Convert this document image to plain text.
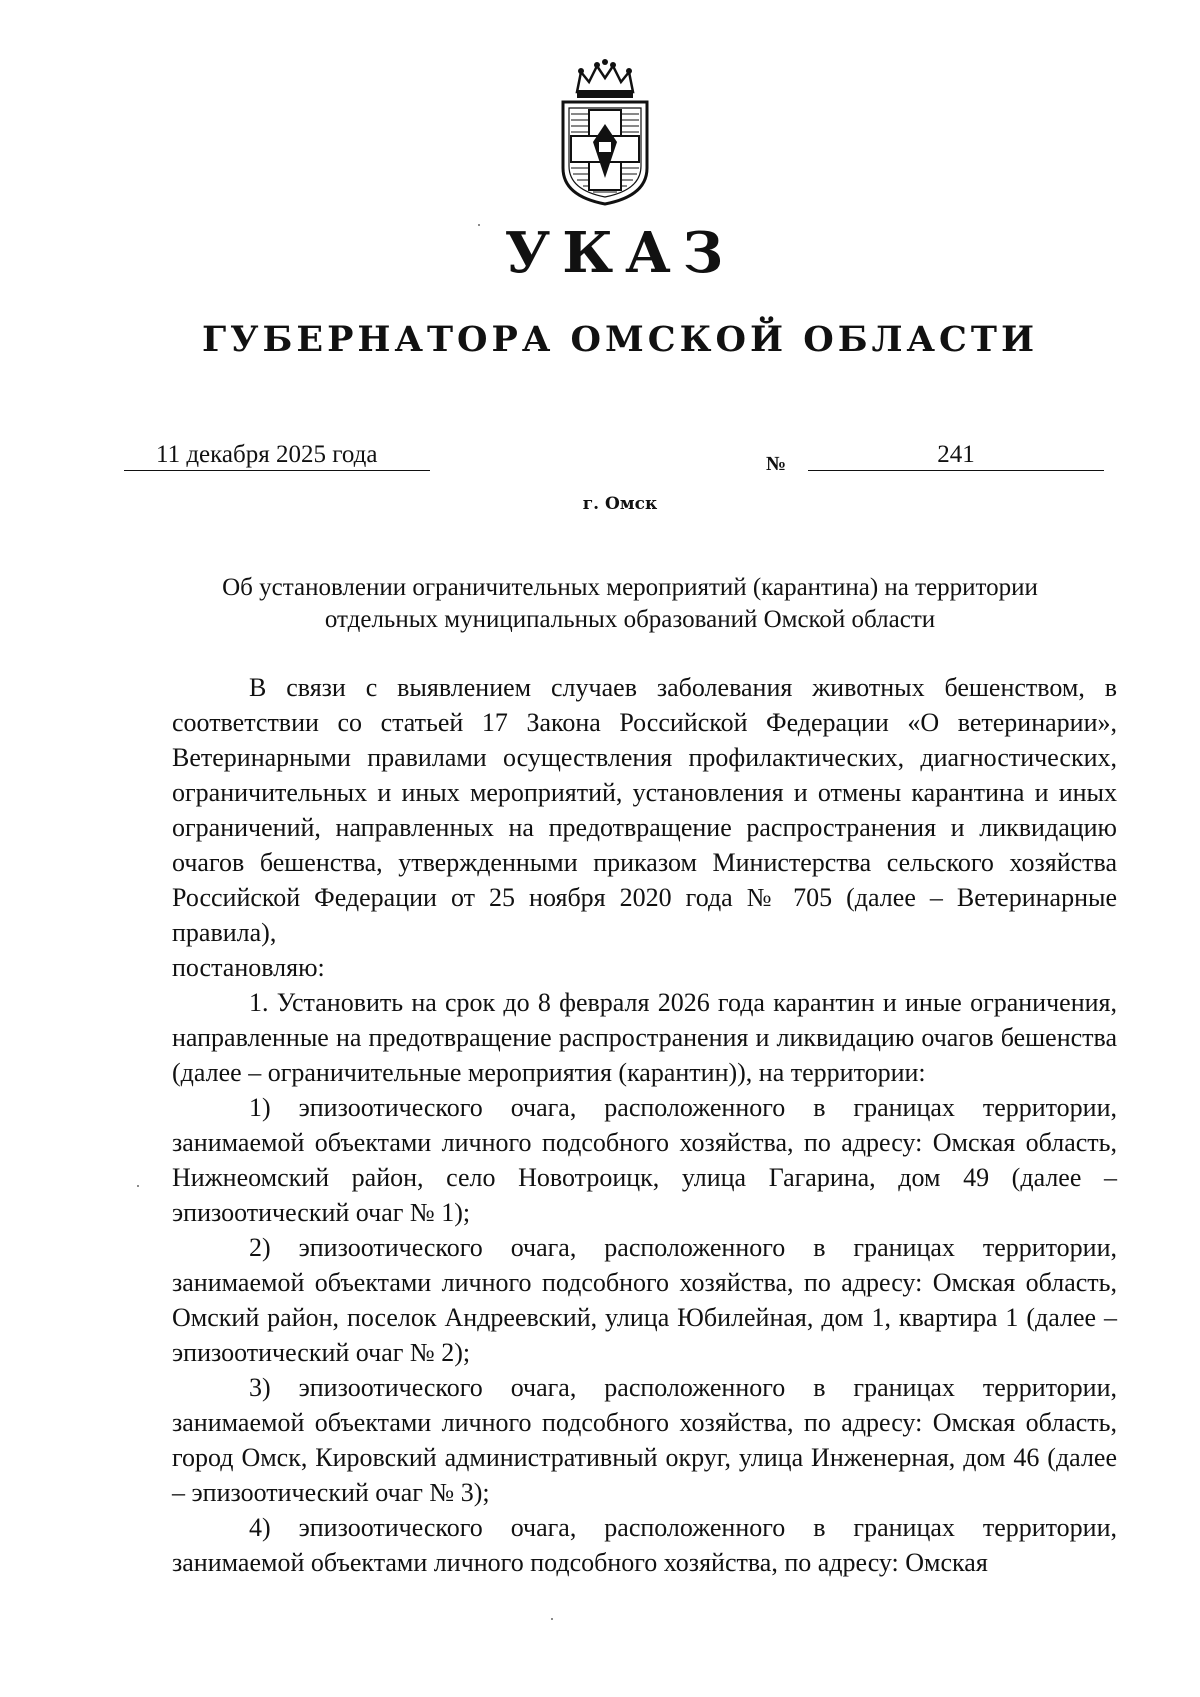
УКАЗ
ГУБЕРНАТОРА ОМСКОЙ ОБЛАСТИ
11 декабря 2025 года	№	241
г. Омск
Об установлении ограничительных мероприятий (карантина) на территории
отдельных муниципальных образований Омской области

В связи с выявлением случаев заболевания животных бешенством, в соответствии со статьей 17 Закона Российской Федерации «О ветеринарии», Ветеринарными правилами осуществления профилактических, диагностических, ограничительных и иных мероприятий, установления и отмены карантина и иных ограничений, направленных на предотвращение распространения и ликвидацию очагов бешенства, утвержденными приказом Министерства сельского хозяйства Российской Федерации от 25 ноября 2020 года № 705 (далее – Ветеринарные правила),

постановляю:

1. Установить на срок до 8 февраля 2026 года карантин и иные ограничения, направленные на предотвращение распространения и ликвидацию очагов бешенства (далее – ограничительные мероприятия (карантин)), на территории:

1) эпизоотического очага, расположенного в границах территории, занимаемой объектами личного подсобного хозяйства, по адресу: Омская область, Нижнеомский район, село Новотроицк, улица Гагарина, дом 49 (далее – эпизоотический очаг № 1);

2) эпизоотического очага, расположенного в границах территории, занимаемой объектами личного подсобного хозяйства, по адресу: Омская область, Омский район, поселок Андреевский, улица Юбилейная, дом 1, квартира 1 (далее – эпизоотический очаг № 2);

3) эпизоотического очага, расположенного в границах территории, занимаемой объектами личного подсобного хозяйства, по адресу: Омская область, город Омск, Кировский административный округ, улица Инженерная, дом 46 (далее – эпизоотический очаг № 3);

4) эпизоотического очага, расположенного в границах территории, занимаемой объектами личного подсобного хозяйства, по адресу: Омская
